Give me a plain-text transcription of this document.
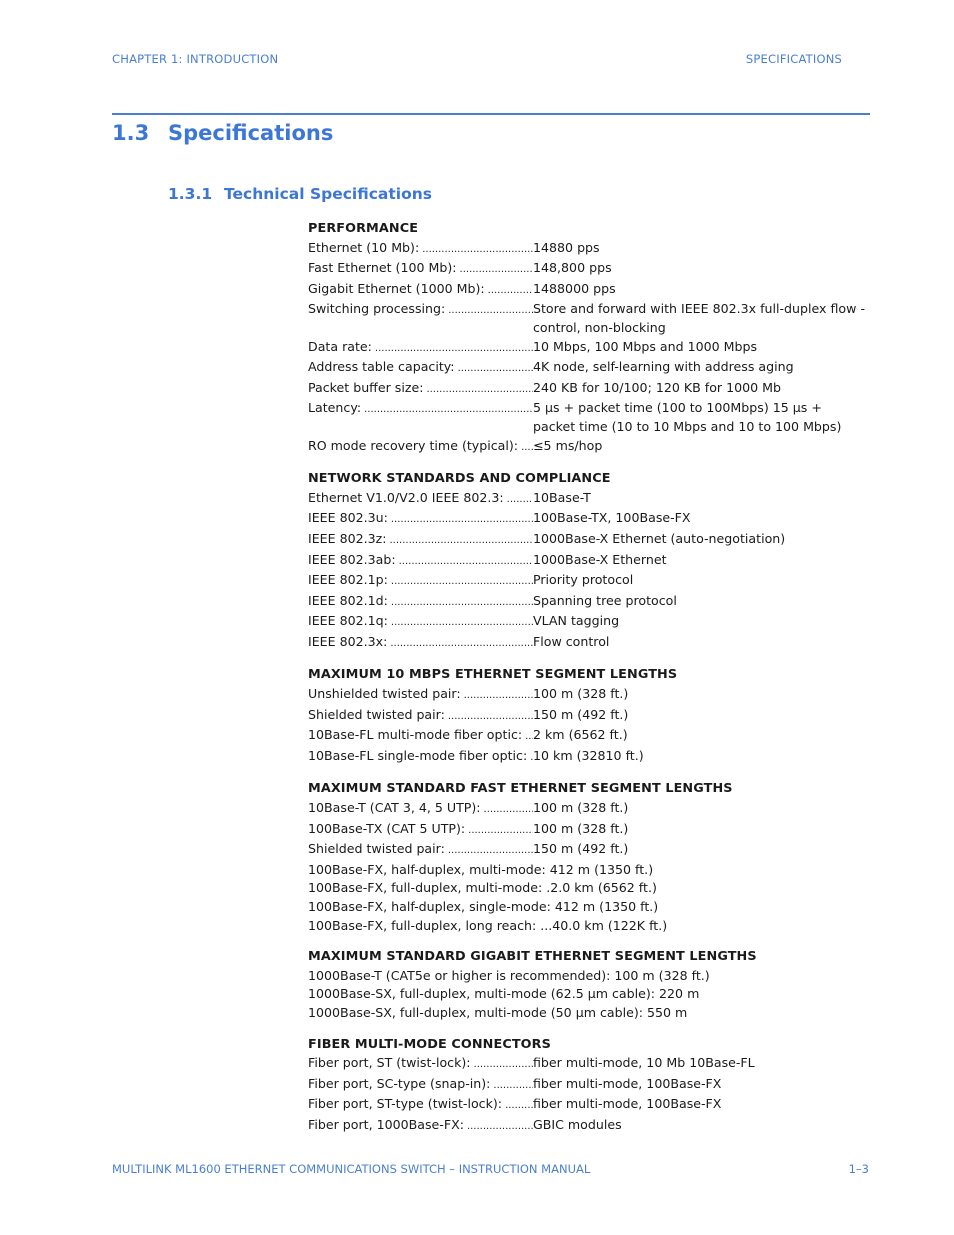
CHAPTER 1: INTRODUCTION	SPECIFICATIONS
1.3 Specifications
1.3.1 Technical Specifications
PERFORMANCE
Ethernet (10 Mb): .....	14880 pps
Fast Ethernet (100 Mb): .....	148,800 pps
Gigabit Ethernet (1000 Mb): .....	1488000 pps
Switching processing: .....	Store and forward with IEEE 802.3x full-duplex flow - control, non-blocking
Data rate: .....	10 Mbps, 100 Mbps and 1000 Mbps
Address table capacity: .....	4K node, self-learning with address aging
Packet buffer size: .....	240 KB for 10/100; 120 KB for 1000 Mb
Latency: .....	5 µs + packet time (100 to 100Mbps) 15 µs + packet time (10 to 10 Mbps and 10 to 100 Mbps)
RO mode recovery time (typical): ..... ≤5 ms/hop
NETWORK STANDARDS AND COMPLIANCE
Ethernet V1.0/V2.0 IEEE 802.3: ..... 10Base-T
IEEE 802.3u: .....	100Base-TX, 100Base-FX
IEEE 802.3z: .....	1000Base-X Ethernet (auto-negotiation)
IEEE 802.3ab: .....	1000Base-X Ethernet
IEEE 802.1p: .....	Priority protocol
IEEE 802.1d: .....	Spanning tree protocol
IEEE 802.1q: .....	VLAN tagging
IEEE 802.3x: .....	Flow control
MAXIMUM 10 MBPS ETHERNET SEGMENT LENGTHS
Unshielded twisted pair: .....	100 m (328 ft.)
Shielded twisted pair: .....	150 m (492 ft.)
10Base-FL multi-mode fiber optic: ..... 2 km (6562 ft.)
10Base-FL single-mode fiber optic: ..... 10 km (32810 ft.)
MAXIMUM STANDARD FAST ETHERNET SEGMENT LENGTHS
10Base-T (CAT 3, 4, 5 UTP): .....	100 m (328 ft.)
100Base-TX (CAT 5 UTP): .....	100 m (328 ft.)
Shielded twisted pair: .....	150 m (492 ft.)
100Base-FX, half-duplex, multi-mode: 412 m (1350 ft.)
100Base-FX, full-duplex, multi-mode: .2.0 km (6562 ft.)
100Base-FX, half-duplex, single-mode: 412 m (1350 ft.)
100Base-FX, full-duplex, long reach: ...40.0 km (122K ft.)
MAXIMUM STANDARD GIGABIT ETHERNET SEGMENT LENGTHS
1000Base-T (CAT5e or higher is recommended): 100 m (328 ft.)
1000Base-SX, full-duplex, multi-mode (62.5 µm cable): 220 m
1000Base-SX, full-duplex, multi-mode (50 µm cable): 550 m
FIBER MULTI-MODE CONNECTORS
Fiber port, ST (twist-lock): .....	fiber multi-mode, 10 Mb 10Base-FL
Fiber port, SC-type (snap-in): .....	fiber multi-mode, 100Base-FX
Fiber port, ST-type (twist-lock): ..... fiber multi-mode, 100Base-FX
Fiber port, 1000Base-FX: .....	GBIC modules
MULTILINK ML1600 ETHERNET COMMUNICATIONS SWITCH – INSTRUCTION MANUAL	1–3
